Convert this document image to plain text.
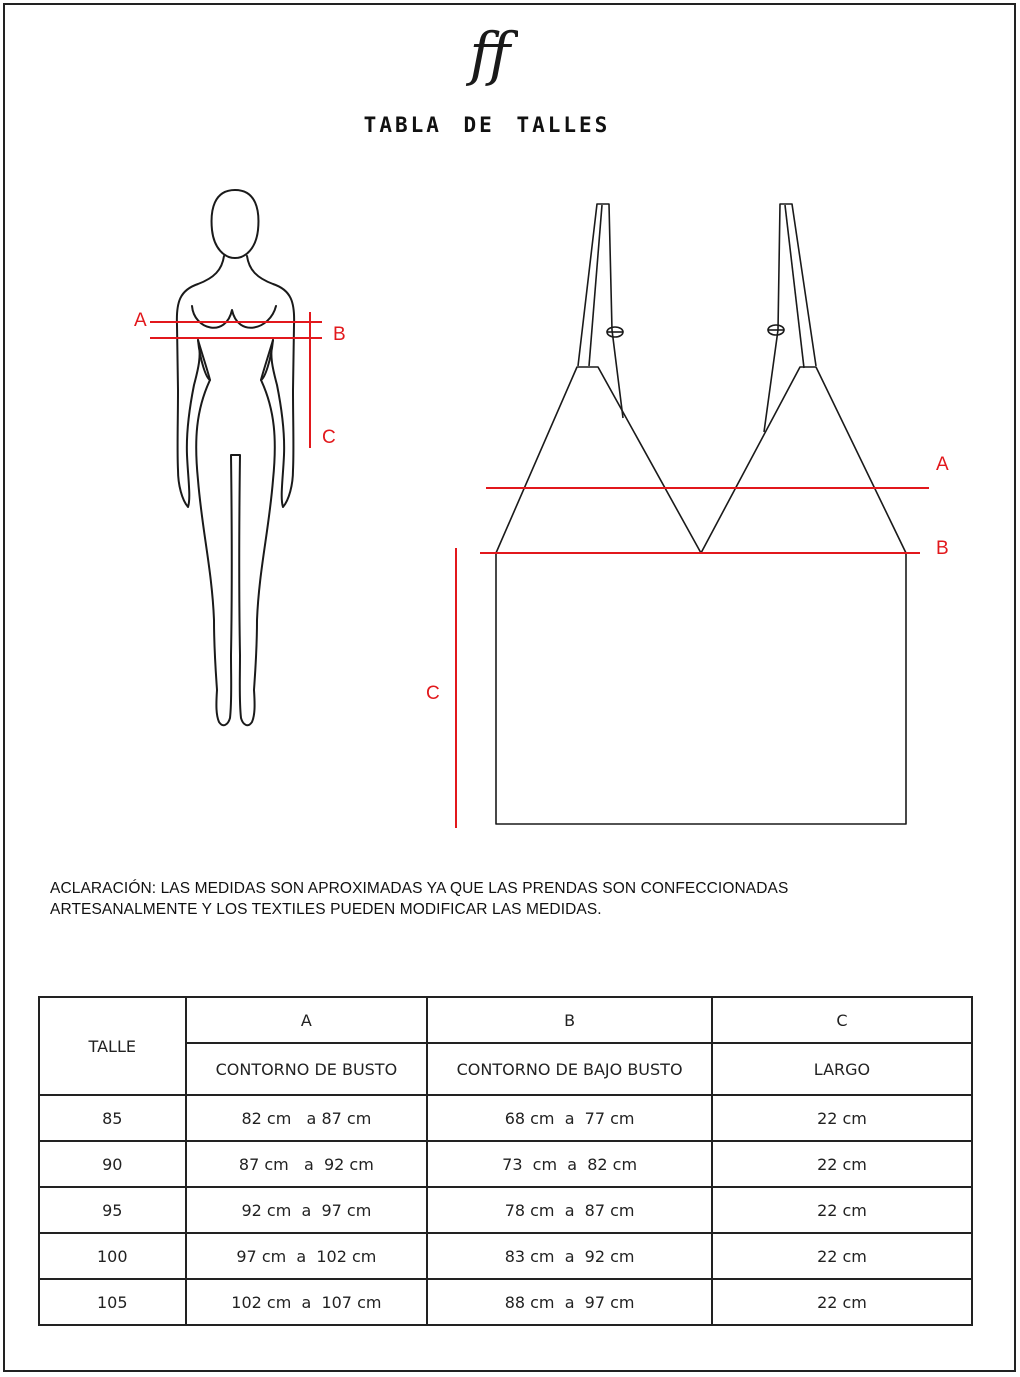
ff
TABLA DE TALLES
A
B
C
A
B
C
ACLARACIÓN: LAS MEDIDAS SON APROXIMADAS YA QUE LAS PRENDAS SON CONFECCIONADAS
ARTESANALMENTE Y LOS TEXTILES PUEDEN MODIFICAR LAS MEDIDAS.
TALLE	A	B	C
	CONTORNO DE BUSTO	CONTORNO DE BAJO BUSTO	LARGO
85	82 cm   a 87 cm	68 cm  a  77 cm	22 cm
90	87 cm   a  92 cm	73  cm  a  82 cm	22 cm
95	92 cm  a  97 cm	78 cm  a  87 cm	22 cm
100	97 cm  a  102 cm	83 cm  a  92 cm	22 cm
105	102 cm  a  107 cm	88 cm  a  97 cm	22 cm
